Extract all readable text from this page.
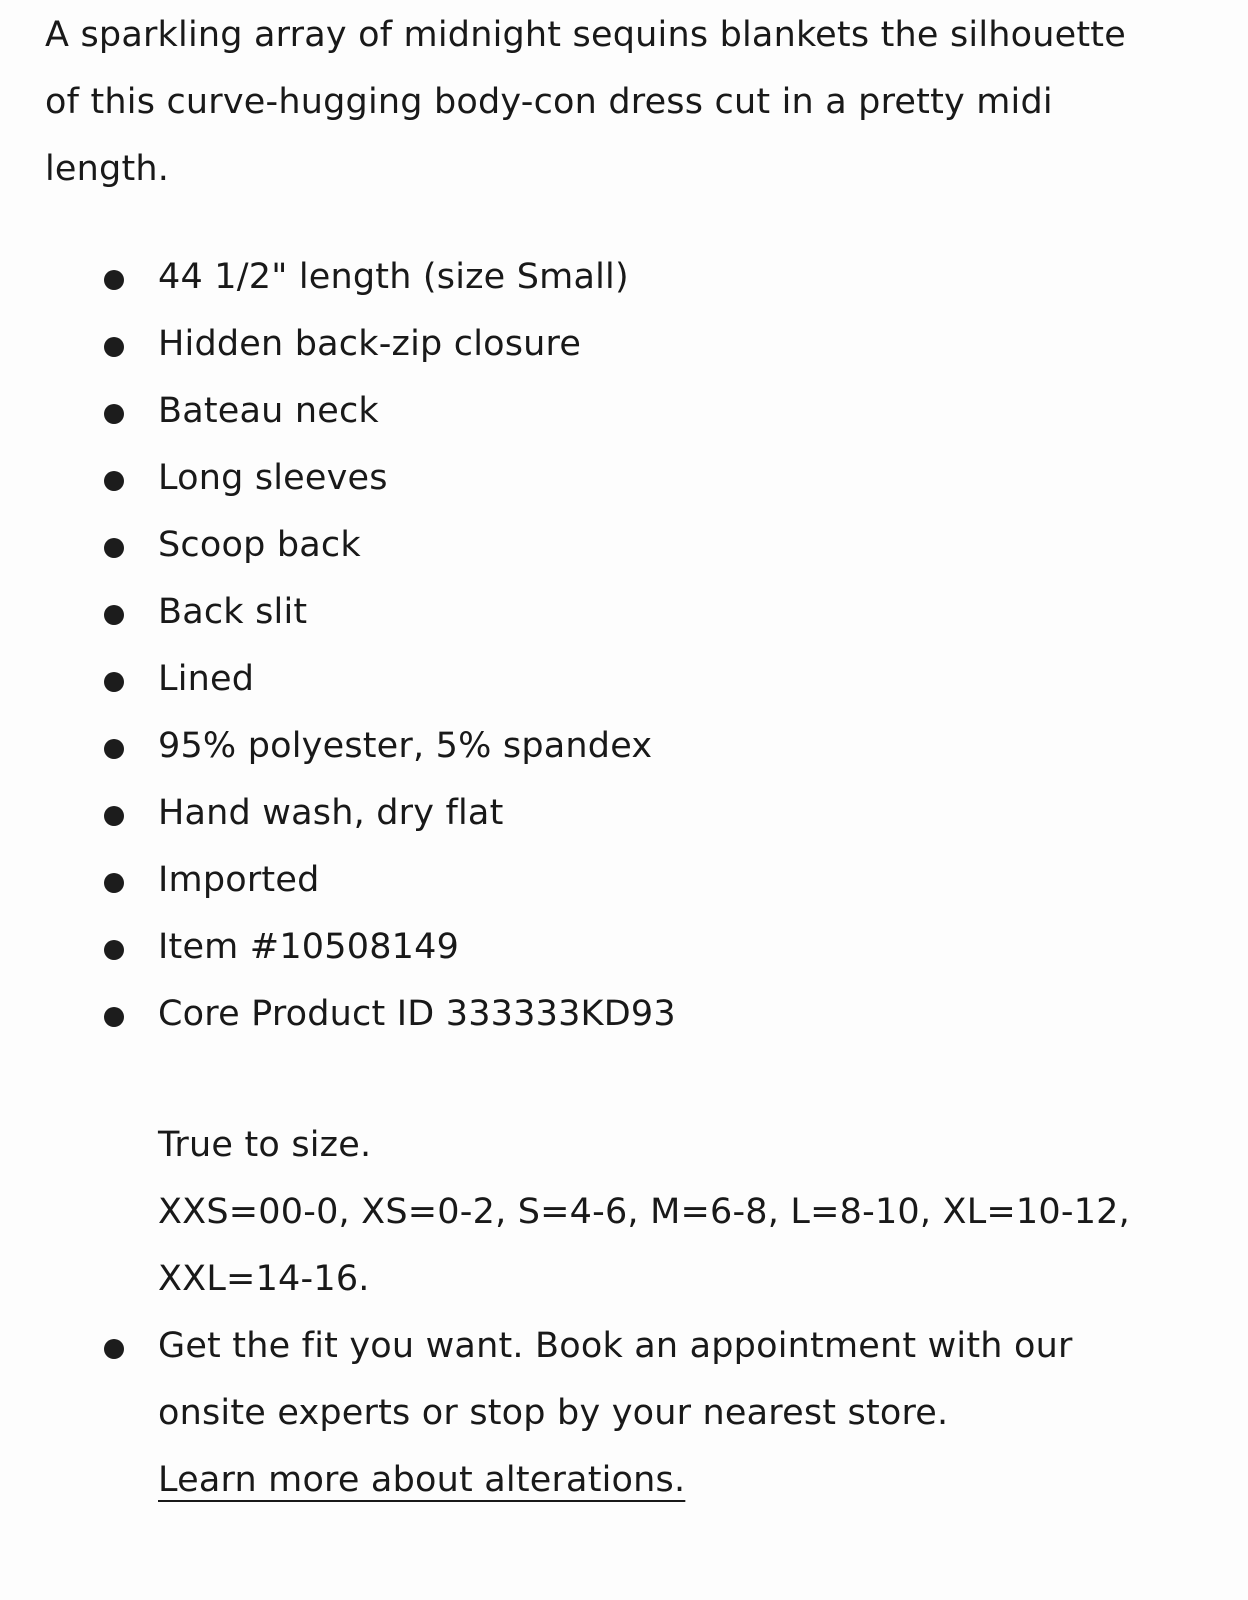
A sparkling array of midnight sequins blankets the silhouette of this curve-hugging body-con dress cut in a pretty midi length.

44 1/2" length (size Small)
Hidden back-zip closure
Bateau neck
Long sleeves
Scoop back
Back slit
Lined
95% polyester, 5% spandex
Hand wash, dry flat
Imported
Item #10508149
Core Product ID 333333KD93

True to size.

XXS=00-0, XS=0-2, S=4-6, M=6-8, L=8-10, XL=10-12, XXL=14-16.

Get the fit you want. Book an appointment with our onsite experts or stop by your nearest store.
Learn more about alterations.
